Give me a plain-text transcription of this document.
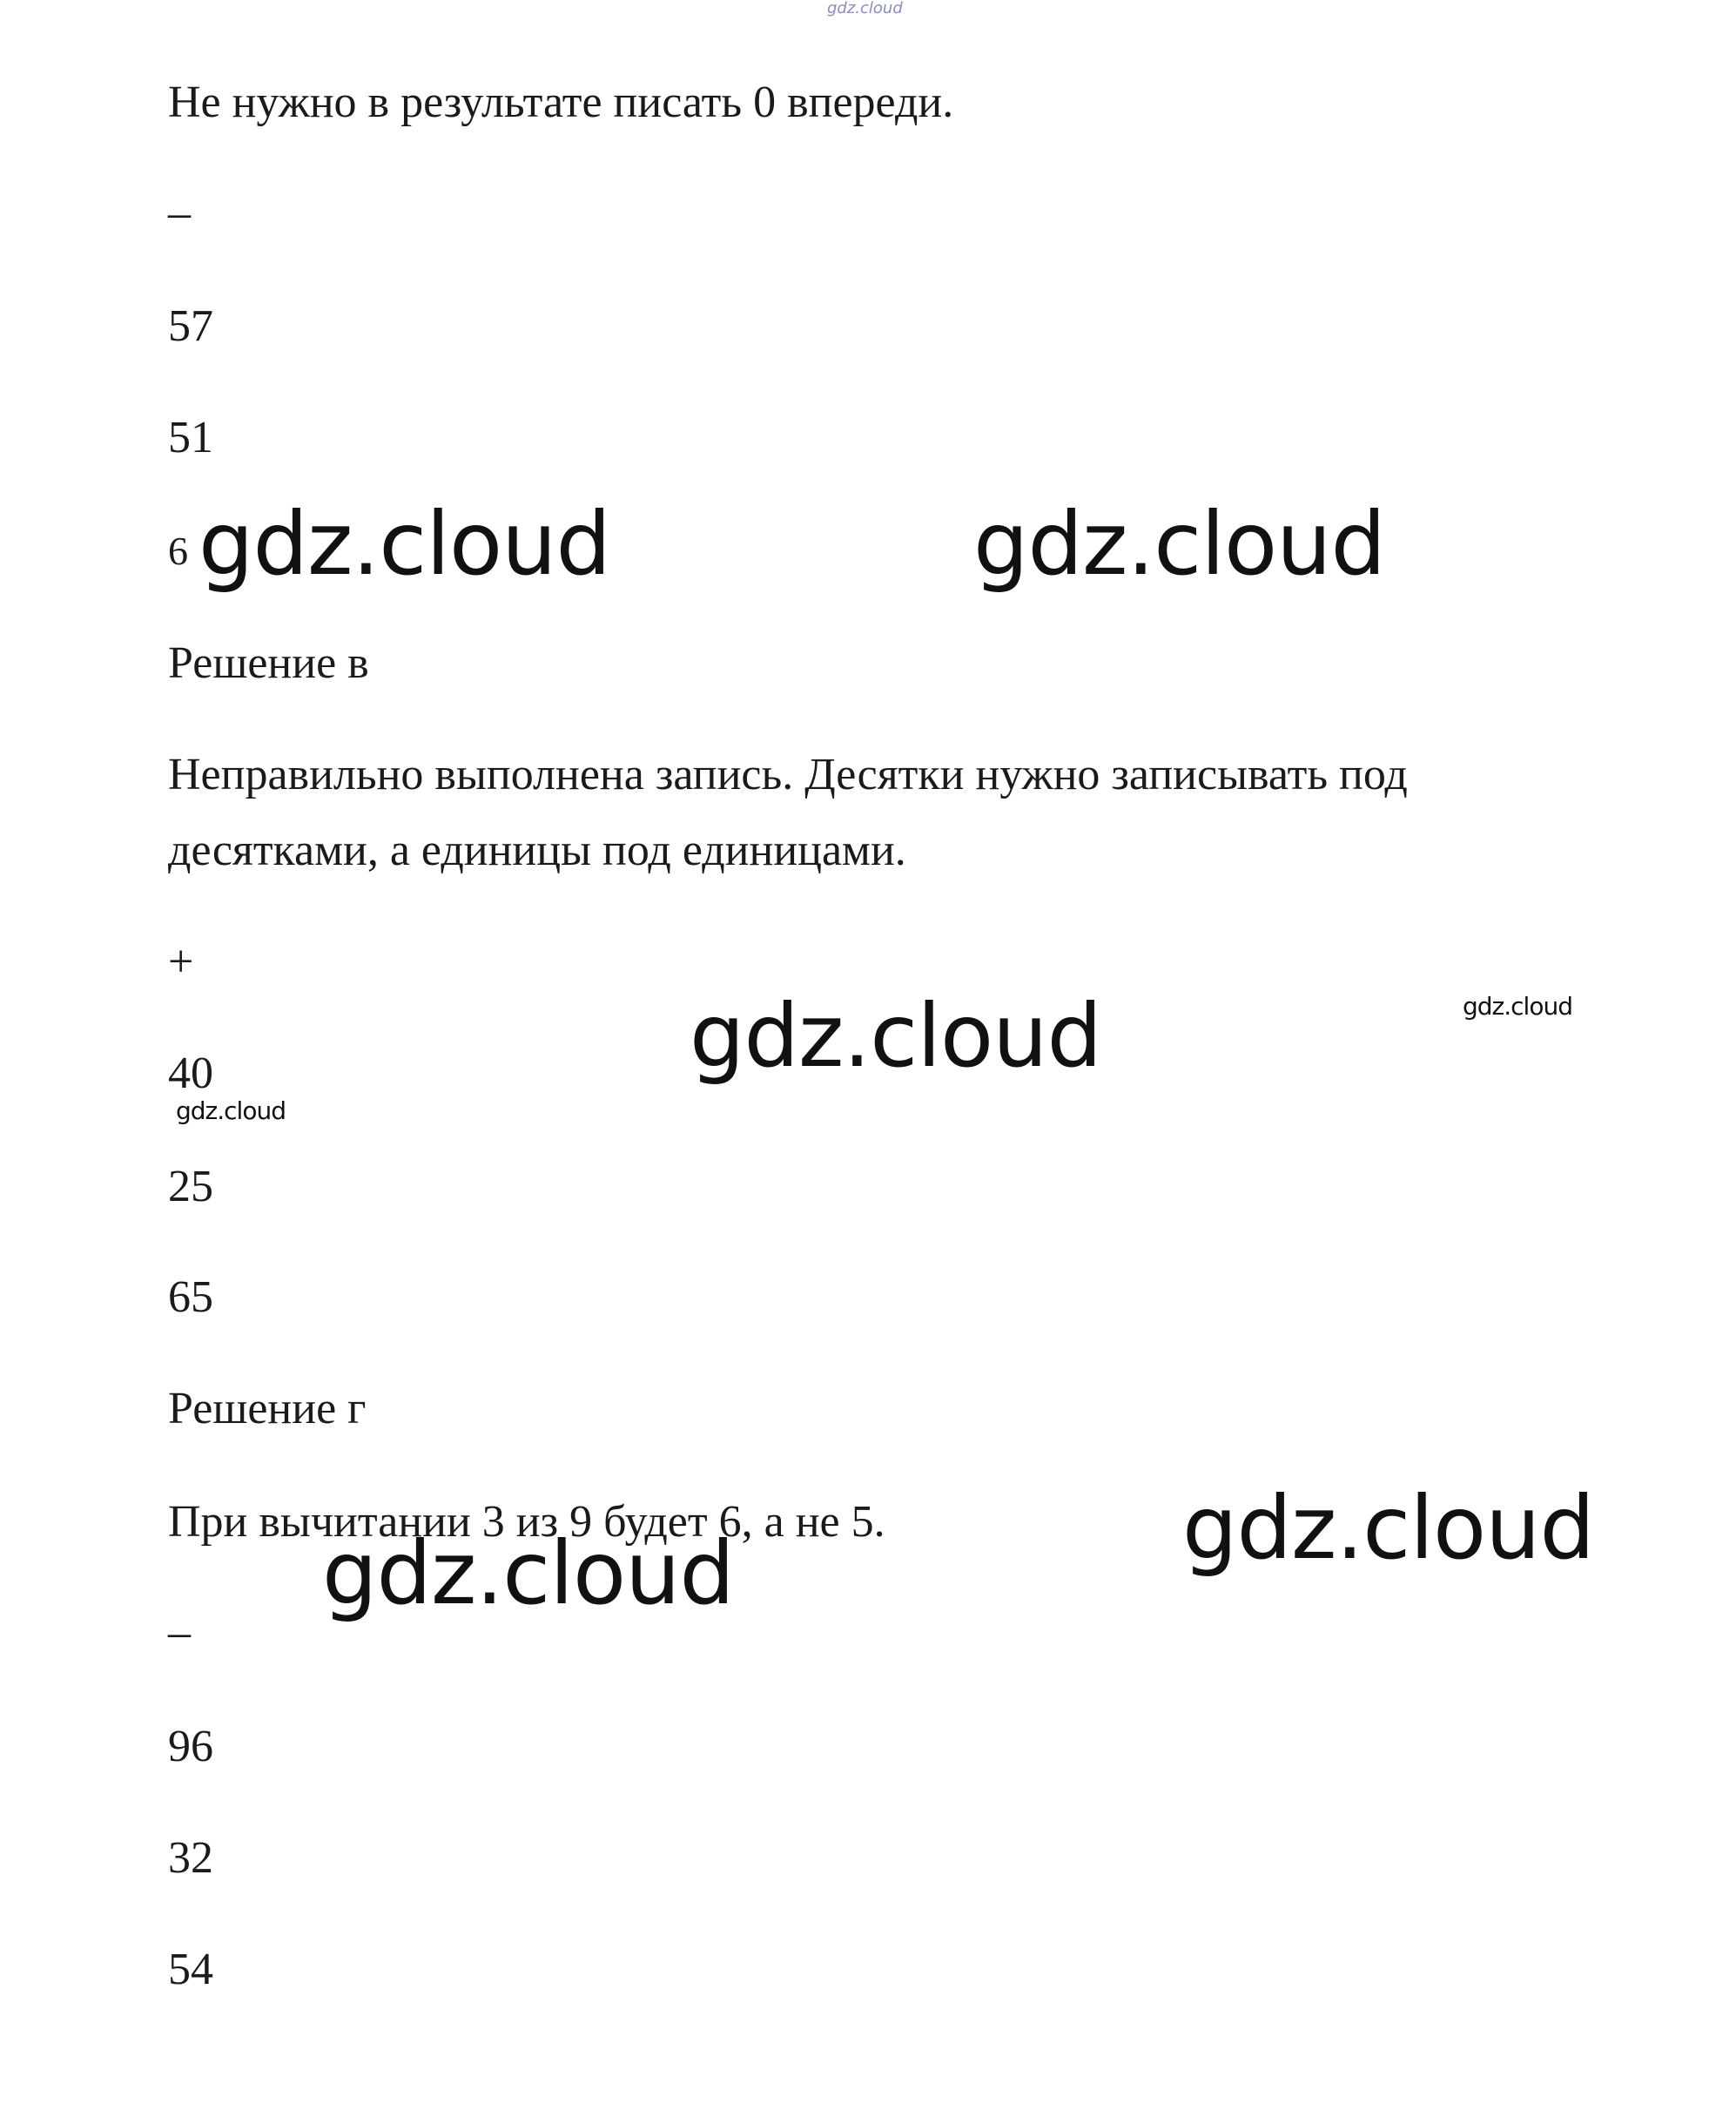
gdz.cloud

Не нужно в результате писать 0 впереди.

–

57

51

6 gdz.cloud	gdz.cloud

Решение в

Неправильно выполнена запись. Десятки нужно записывать под

десятками, а единицы под единицами.

+

gdz.cloud	gdz.cloud

40

gdz.cloud

25

65

Решение г

При вычитании 3 из 9 будет 6, а не 5.	gdz.cloud
gdz.cloud

–

96

32

54
